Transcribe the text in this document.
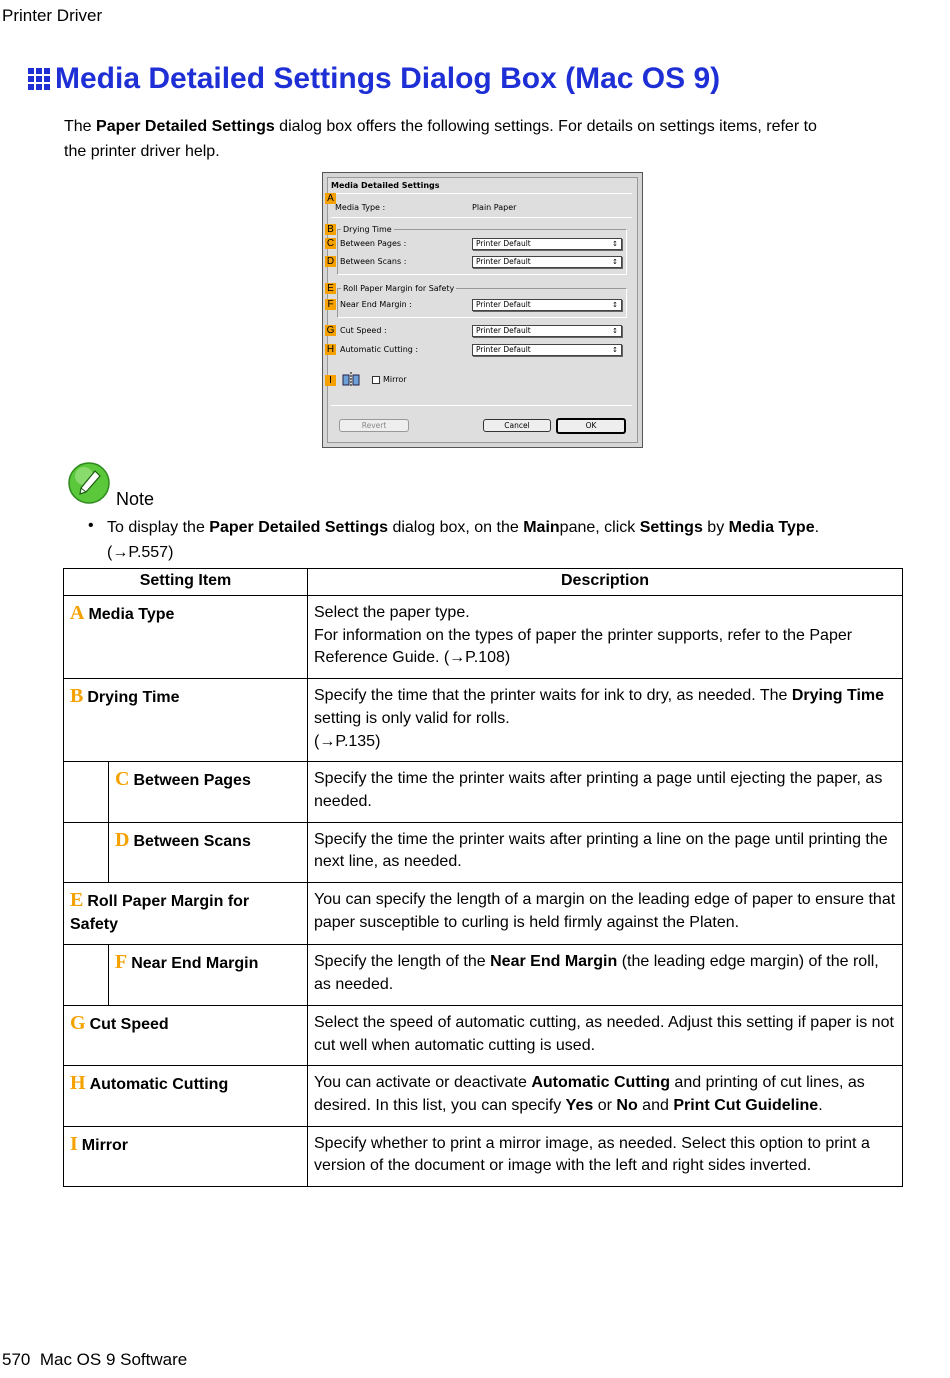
Printer Driver
Media Detailed Settings Dialog Box (Mac OS 9)

The Paper Detailed Settings dialog box offers the following settings. For details on settings items, refer to
the printer driver help.

Media Detailed Settings
A
Media Type :	Plain Paper
B Drying Time
C Between Pages :	Printer Default ↕
D Between Scans :	Printer Default ↕
E Roll Paper Margin for Safety
F Near End Margin :	Printer Default ↕
G Cut Speed :	Printer Default ↕
H Automatic Cutting :	Printer Default ↕
I	Mirror
Revert	Cancel	OK
Note
• To display the Paper Detailed Settings dialog box, on the Mainpane, click Settings by Media Type.
(→P.557)
Setting Item		Description
A Media Type		Select the paper type.
For information on the types of paper the printer supports, refer to the Paper Reference Guide. (→P.108)
B Drying Time		Specify the time that the printer waits for ink to dry, as needed. The Drying Time setting is only valid for rolls.
(→P.135)
	C Between Pages	Specify the time the printer waits after printing a page until ejecting the paper, as needed.
	D Between Scans	Specify the time the printer waits after printing a line on the page until printing the next line, as needed.
E Roll Paper Margin for Safety		You can specify the length of a margin on the leading edge of paper to ensure that paper susceptible to curling is held firmly against the Platen.
	F Near End Margin	Specify the length of the Near End Margin (the leading edge margin) of the roll, as needed.
G Cut Speed		Select the speed of automatic cutting, as needed. Adjust this setting if paper is not cut well when automatic cutting is used.
H Automatic Cutting		You can activate or deactivate Automatic Cutting and printing of cut lines, as desired. In this list, you can specify Yes or No and Print Cut Guideline.
I Mirror		Specify whether to print a mirror image, as needed. Select this option to print a version of the document or image with the left and right sides inverted.
570 Mac OS 9 Software
